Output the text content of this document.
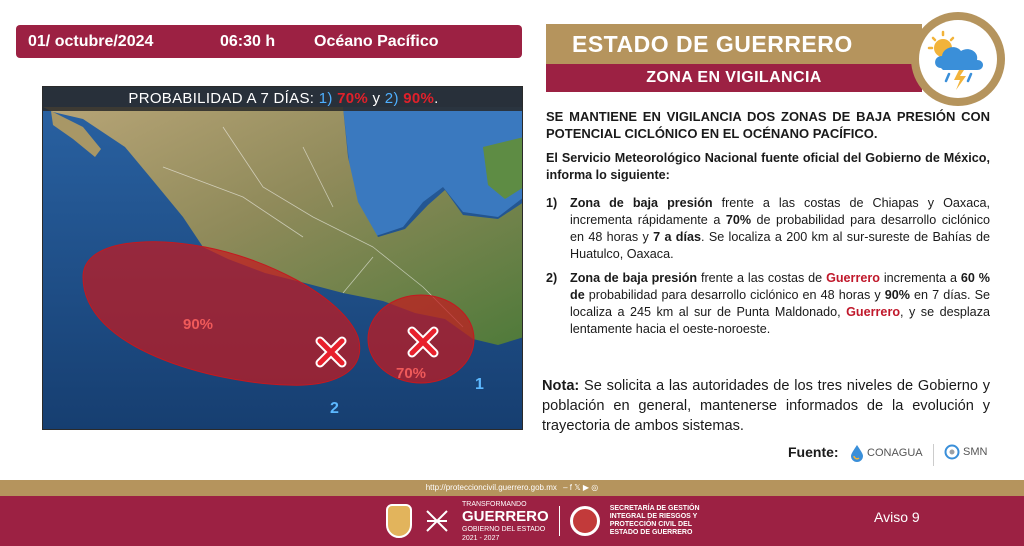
01/ octubre/2024	06:30 h	Océano Pacífico
90%
70%
1
2
PROBABILIDAD A 7 DÍAS: 1) 70% y 2) 90%.
ESTADO DE GUERRERO
ZONA EN VIGILANCIA
SE MANTIENE EN VIGILANCIA DOS ZONAS DE BAJA PRESIÓN CON POTENCIAL CICLÓNICO EN EL OCÉNANO PACÍFICO.
El Servicio Meteorológico Nacional fuente oficial del Gobierno de México, informa lo siguiente:
1) Zona de baja presión frente a las costas de Chiapas y Oaxaca, incrementa rápidamente a 70% de probabilidad para desarrollo ciclónico en 48 horas y 7 a días. Se localiza a 200 km al sur-sureste de Bahías de Huatulco, Oaxaca.
2) Zona de baja presión frente a las costas de Guerrero incrementa a 60 % de probabilidad para desarrollo ciclónico en 48 horas y 90% en 7 días. Se localiza a 245 km al sur de Punta Maldonado, Guerrero, y se desplaza lentamente hacia el oeste-noroeste.
Nota: Se solicita a las autoridades de los tres niveles de Gobierno y población en general, mantenerse informados de la evolución y trayectoria de ambos sistemas.
Fuente:	CONAGUA	SMN
http://proteccioncivil.guerrero.gob.mx – f 𝕏 ▶ ◎
TRANSFORMANDO
GUERRERO
GOBIERNO DEL ESTADO
2021 - 2027
SECRETARÍA DE GESTIÓN INTEGRAL DE RIESGOS Y PROTECCIÓN CIVIL DEL ESTADO DE GUERRERO
Aviso 9
